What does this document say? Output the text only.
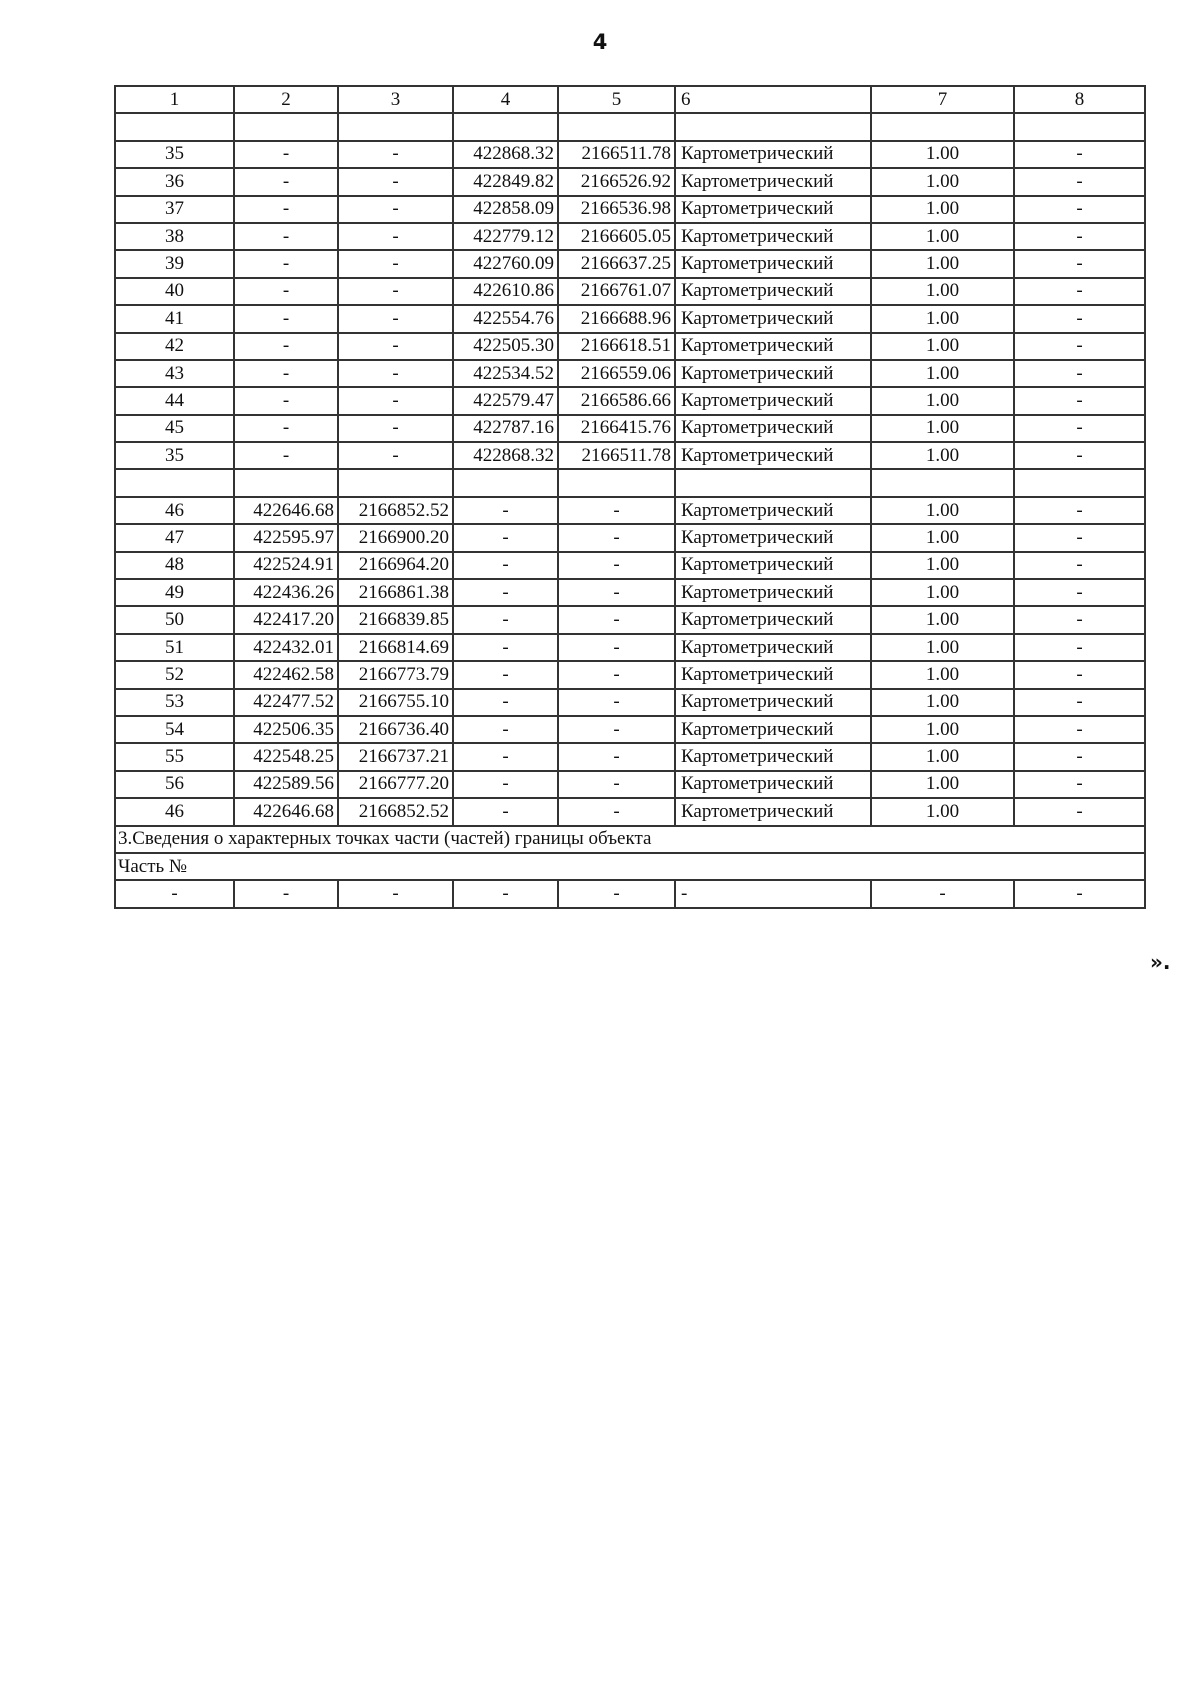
4
1	2	3	4	5	6	7	8

35	-	-	422868.32	2166511.78	Картометрический	1.00	-
36	-	-	422849.82	2166526.92	Картометрический	1.00	-
37	-	-	422858.09	2166536.98	Картометрический	1.00	-
38	-	-	422779.12	2166605.05	Картометрический	1.00	-
39	-	-	422760.09	2166637.25	Картометрический	1.00	-
40	-	-	422610.86	2166761.07	Картометрический	1.00	-
41	-	-	422554.76	2166688.96	Картометрический	1.00	-
42	-	-	422505.30	2166618.51	Картометрический	1.00	-
43	-	-	422534.52	2166559.06	Картометрический	1.00	-
44	-	-	422579.47	2166586.66	Картометрический	1.00	-
45	-	-	422787.16	2166415.76	Картометрический	1.00	-
35	-	-	422868.32	2166511.78	Картометрический	1.00	-

46	422646.68	2166852.52	-	-	Картометрический	1.00	-
47	422595.97	2166900.20	-	-	Картометрический	1.00	-
48	422524.91	2166964.20	-	-	Картометрический	1.00	-
49	422436.26	2166861.38	-	-	Картометрический	1.00	-
50	422417.20	2166839.85	-	-	Картометрический	1.00	-
51	422432.01	2166814.69	-	-	Картометрический	1.00	-
52	422462.58	2166773.79	-	-	Картометрический	1.00	-
53	422477.52	2166755.10	-	-	Картометрический	1.00	-
54	422506.35	2166736.40	-	-	Картометрический	1.00	-
55	422548.25	2166737.21	-	-	Картометрический	1.00	-
56	422589.56	2166777.20	-	-	Картометрический	1.00	-
46	422646.68	2166852.52	-	-	Картометрический	1.00	-
3.Сведения о характерных точках части (частей) границы объекта							
Часть №							
-	-	-	-	-	-	-	-
».
